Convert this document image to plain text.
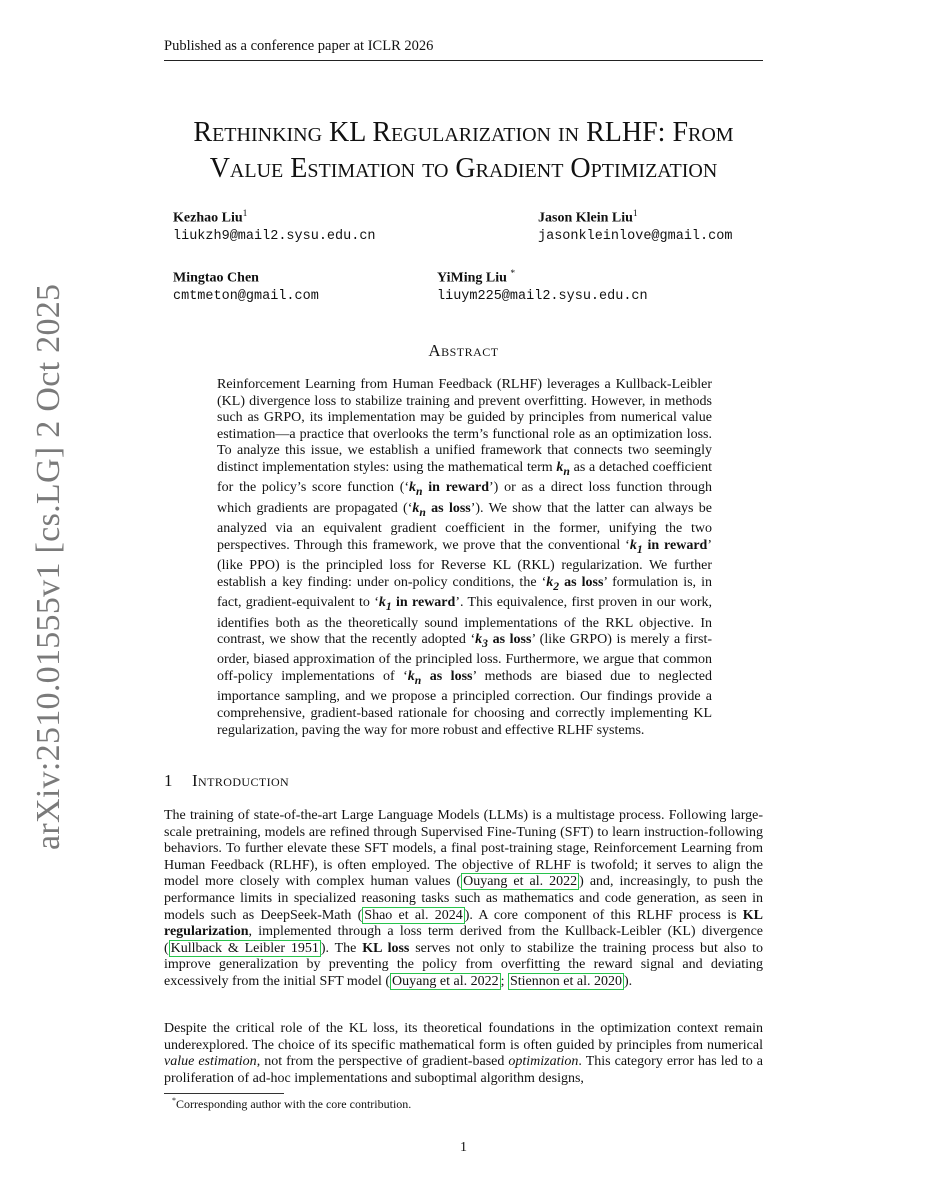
Published as a conference paper at ICLR 2026
arXiv:2510.01555v1 [cs.LG] 2 Oct 2025
Rethinking KL Regularization in RLHF: From
Value Estimation to Gradient Optimization
Kezhao Liu$^1$
liukzh9@mail2.sysu.edu.cn
Jason Klein Liu$^1$
jasonkleinlove@gmail.com
Mingtao Chen
cmtmeton@gmail.com
YiMing Liu *
liuym225@mail2.sysu.edu.cn
Abstract
Reinforcement Learning from Human Feedback (RLHF) leverages a Kullback-Leibler (KL) divergence loss to stabilize training and prevent overfitting. However, in methods such as GRPO, its implementation may be guided by principles from numerical value estimation—a practice that overlooks the term’s functional role as an optimization loss. To analyze this issue, we establish a unified framework that connects two seemingly distinct implementation styles: using the mathematical term $k_n$ as a detached coefficient for the policy’s score function (‘$k_n$ in reward’) or as a direct loss function through which gradients are propagated (‘$k_n$ as loss’). We show that the latter can always be analyzed via an equivalent gradient coefficient in the former, unifying the two perspectives. Through this framework, we prove that the conventional ‘$k_1$ in reward’ (like PPO) is the principled loss for Reverse KL (RKL) regularization. We further establish a key finding: under on-policy conditions, the ‘$k_2$ as loss’ formulation is, in fact, gradient-equivalent to ‘$k_1$ in reward’. This equivalence, first proven in our work, identifies both as the theoretically sound implementations of the RKL objective. In contrast, we show that the recently adopted ‘$k_3$ as loss’ (like GRPO) is merely a first-order, biased approximation of the principled loss. Furthermore, we argue that common off-policy implementations of ‘$k_n$ as loss’ methods are biased due to neglected importance sampling, and we propose a principled correction. Our findings provide a comprehensive, gradient-based rationale for choosing and correctly implementing KL regularization, paving the way for more robust and effective RLHF systems.
1 Introduction
The training of state-of-the-art Large Language Models (LLMs) is a multistage process. Following large-scale pretraining, models are refined through Supervised Fine-Tuning (SFT) to learn instruction-following behaviors. To further elevate these SFT models, a final post-training stage, Reinforcement Learning from Human Feedback (RLHF), is often employed. The objective of RLHF is twofold; it serves to align the model more closely with complex human values ( Ouyang et al. 2022 ) and, increasingly, to push the performance limits in specialized reasoning tasks such as mathematics and code generation, as seen in models such as DeepSeek-Math ( Shao et al. 2024 ). A core component of this RLHF process is KL regularization, implemented through a loss term derived from the Kullback-Leibler (KL) divergence ( Kullback & Leibler 1951 ). The KL loss serves not only to stabilize the training process but also to improve generalization by preventing the policy from overfitting the reward signal and deviating excessively from the initial SFT model ( Ouyang et al. 2022 ; Stiennon et al. 2020 ).
Despite the critical role of the KL loss, its theoretical foundations in the optimization context remain underexplored. The choice of its specific mathematical form is often guided by principles from numerical value estimation, not from the perspective of gradient-based optimization. This category error has led to a proliferation of ad-hoc implementations and suboptimal algorithm designs,
*Corresponding author with the core contribution.
1
